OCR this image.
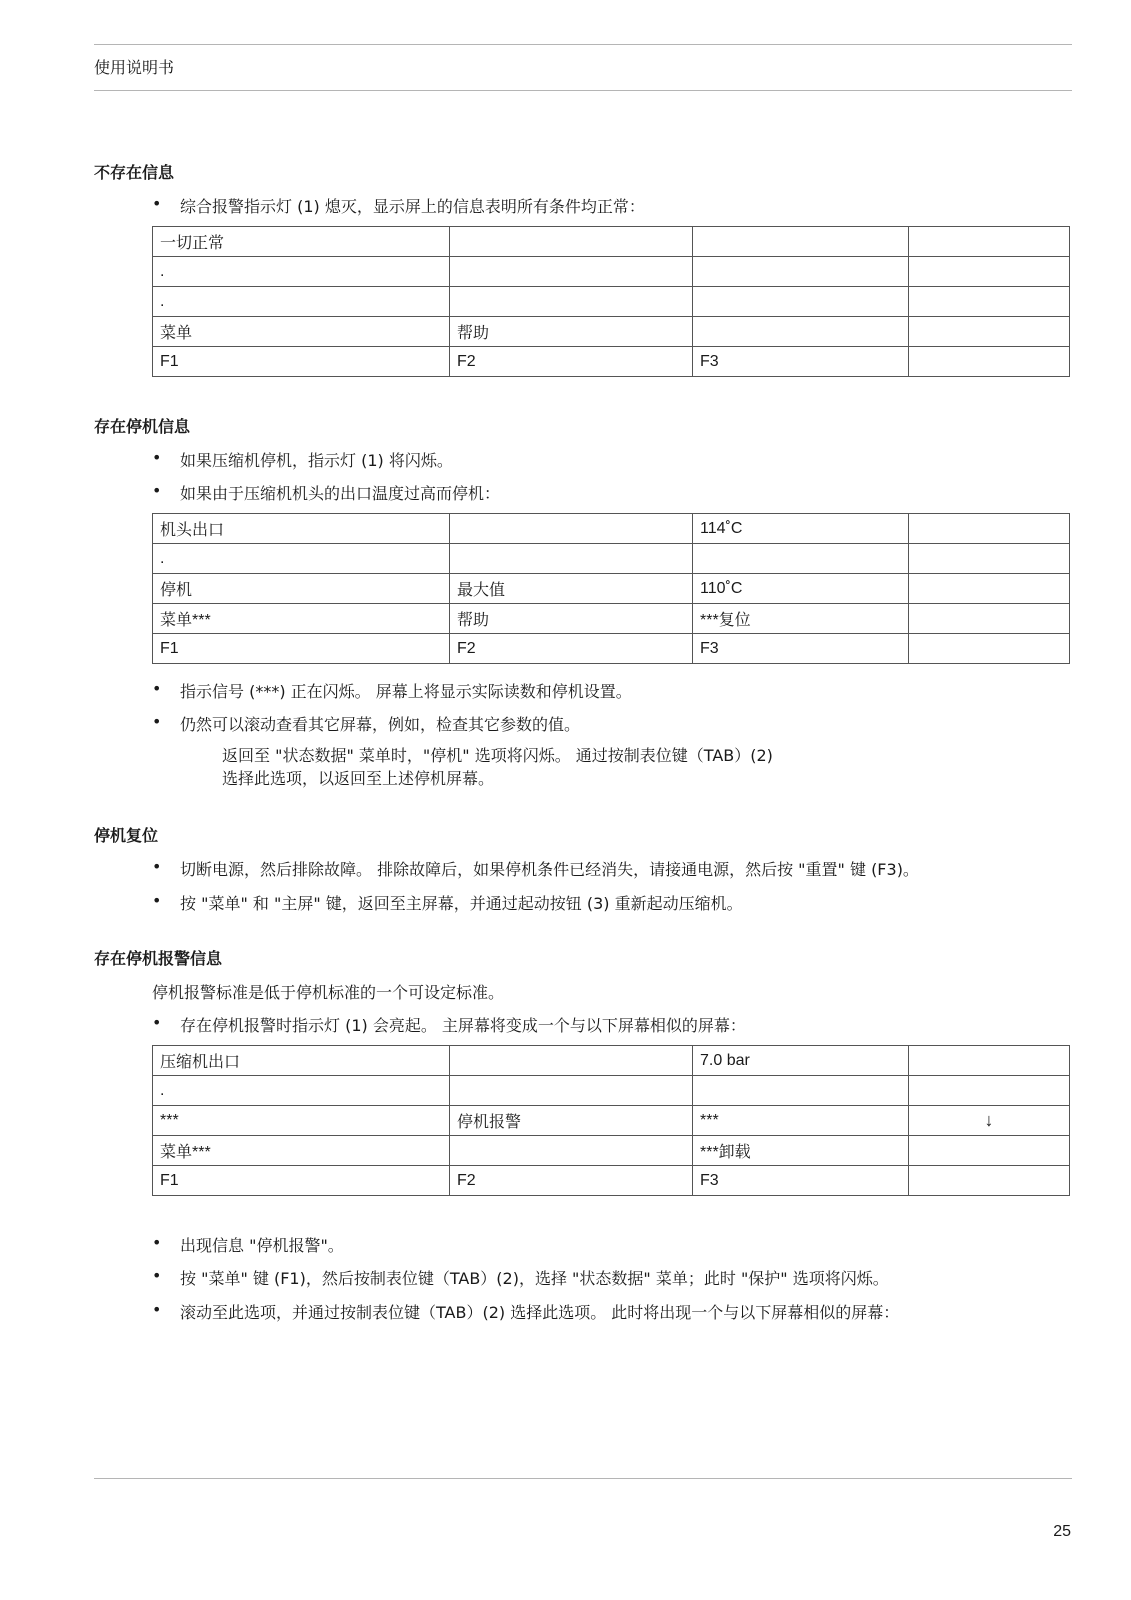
使用说明书
不存在信息
• 综合报警指示灯 (1) 熄灭，显示屏上的信息表明所有条件均正常：
一切正常			
.			
.			
菜单	帮助		
F1	F2	F3	
存在停机信息
• 如果压缩机停机，指示灯 (1) 将闪烁。
• 如果由于压缩机机头的出口温度过高而停机：
机头出口		114˚C	
.			
停机	最大值	110˚C	
菜单***	帮助	***复位	
F1	F2	F3	
• 指示信号 (***) 正在闪烁。 屏幕上将显示实际读数和停机设置。
• 仍然可以滚动查看其它屏幕，例如，检查其它参数的值。
返回至 "状态数据" 菜单时，"停机" 选项将闪烁。 通过按制表位键（TAB）(2)
选择此选项，以返回至上述停机屏幕。
停机复位
• 切断电源，然后排除故障。 排除故障后，如果停机条件已经消失，请接通电源，然后按 "重置" 键 (F3)。
• 按 "菜单" 和 "主屏" 键，返回至主屏幕，并通过起动按钮 (3) 重新起动压缩机。
存在停机报警信息
停机报警标准是低于停机标准的一个可设定标准。
• 存在停机报警时指示灯 (1) 会亮起。 主屏幕将变成一个与以下屏幕相似的屏幕：
压缩机出口		7.0 bar	
.			
***	停机报警	***	↓

菜单***		***卸载	
F1	F2	F3	
• 出现信息 "停机报警"。
• 按 "菜单" 键 (F1)，然后按制表位键（TAB）(2)，选择 "状态数据" 菜单；此时 "保护" 选项将闪烁。
• 滚动至此选项，并通过按制表位键（TAB）(2) 选择此选项。 此时将出现一个与以下屏幕相似的屏幕：
25
